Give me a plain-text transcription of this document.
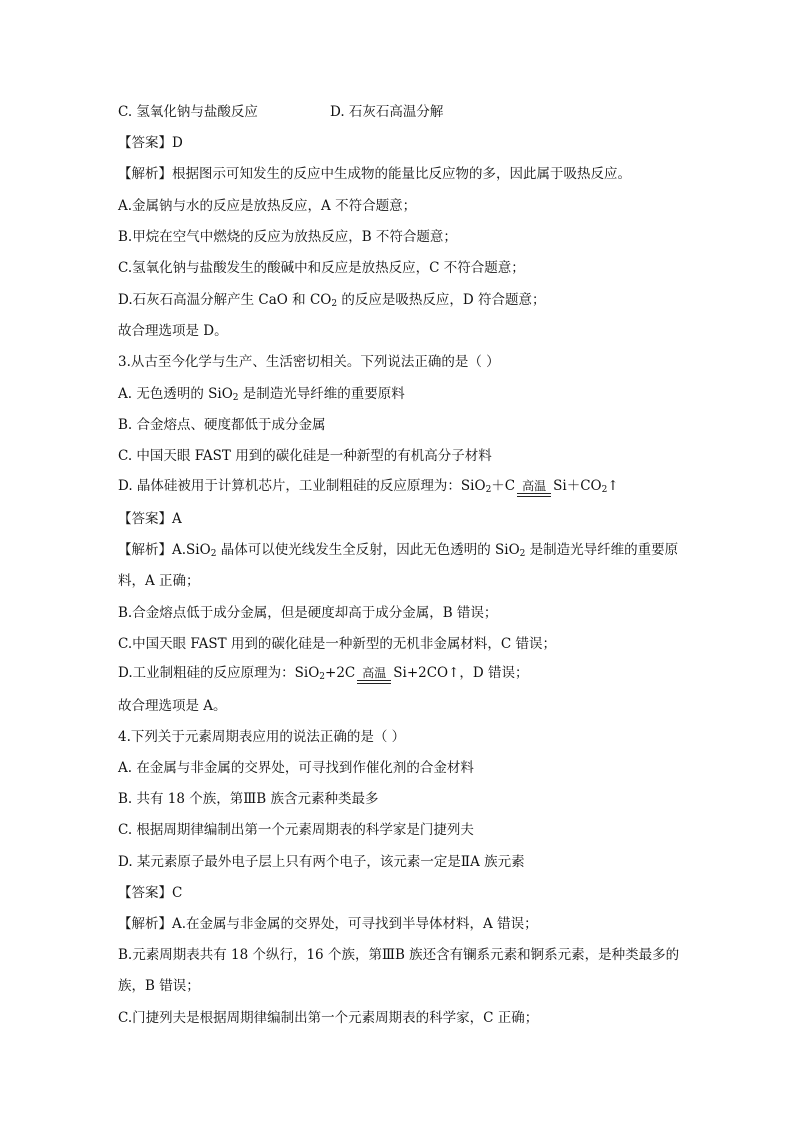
C. 氢氧化钠与盐酸反应	D. 石灰石高温分解
【答案】D
【解析】根据图示可知发生的反应中生成物的能量比反应物的多，因此属于吸热反应。
A.金属钠与水的反应是放热反应，A 不符合题意；
B.甲烷在空气中燃烧的反应为放热反应，B 不符合题意；
C.氢氧化钠与盐酸发生的酸碱中和反应是放热反应，C 不符合题意；
D.石灰石高温分解产生 CaO 和 $CO_2$ 的反应是吸热反应，D 符合题意；
故合理选项是 D。
3.从古至今化学与生产、生活密切相关。下列说法正确的是（ ）
A. 无色透明的 SiO$_2$ 是制造光导纤维的重要原料
B. 合金熔点、硬度都低于成分金属
C. 中国天眼 FAST 用到的碳化硅是一种新型的有机高分子材料
D. 晶体硅被用于计算机芯片，工业制粗硅的反应原理为：SiO$_2$＋C 高温 $Si+CO_2↑$
【答案】A
【解析】A.SiO$_2$ 晶体可以使光线发生全反射，因此无色透明的 SiO$_2$ 是制造光导纤维的重要原料，A 正确；
B.合金熔点低于成分金属，但是硬度却高于成分金属，B 错误；
C.中国天眼 FAST 用到的碳化硅是一种新型的无机非金属材料，C 错误；
D.工业制粗硅的反应原理为：SiO$_2$+2C 高温 Si+2CO↑，D 错误；
故合理选项是 A。
4.下列关于元素周期表应用的说法正确的是（ ）
A. 在金属与非金属的交界处，可寻找到作催化剂的合金材料
B. 共有 18 个族，第ⅢB 族含元素种类最多
C. 根据周期律编制出第一个元素周期表的科学家是门捷列夫
D. 某元素原子最外电子层上只有两个电子，该元素一定是ⅡA 族元素
【答案】C
【解析】A.在金属与非金属的交界处，可寻找到半导体材料，A 错误；
B.元素周期表共有 18 个纵行，16 个族，第ⅢB 族还含有镧系元素和锕系元素，是种类最多的族，B 错误；
C.门捷列夫是根据周期律编制出第一个元素周期表的科学家，C 正确；
